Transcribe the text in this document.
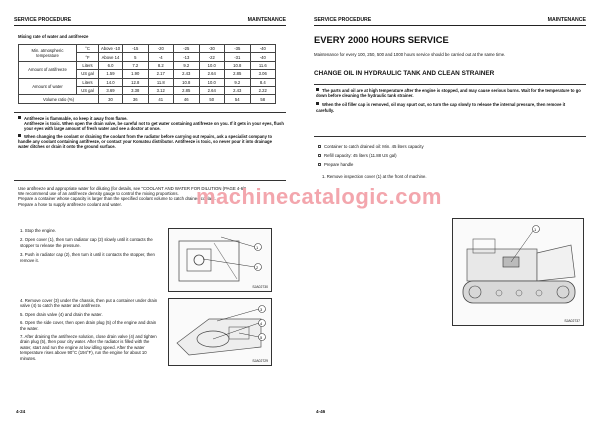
SERVICE PROCEDURE	MAINTENANCE
Mixing rate of water and antifreeze
Min. atmospheric temperature	°C	Above -10	-15	-20	-25	-30	-35	-40
	°F	Above 14	5	-4	-13	-22	-31	-40
Amount of antifreeze	Liters	6.0	7.2	8.2	9.2	10.0	10.8	11.6
	US gal	1.59	1.90	2.17	2.43	2.64	2.85	3.06
Amount of water	Liters	14.0	12.8	11.8	10.8	10.0	9.2	8.4
	US gal	3.69	3.38	3.12	2.85	2.64	2.43	2.22
Volume ratio (%)		30	36	41	46	50	54	58
Antifreeze is flammable, so keep it away from flame.
Antifreeze is toxic. When open the drain valve, be careful not to get water containing antifreeze on you. If it gets in your eyes, flush your eyes with large amount of fresh water and see a doctor at once.
When changing the coolant or draining the coolant from the radiator before carrying out repairs, ask a specialist company to handle any coolant containing antifreeze, or contact your Komatsu distributor. Antifreeze is toxic, so never pour it into drainage water ditches or drain it onto the ground surface.
Use antifreeze and appropriate water for diluting (for details, see "COOLANT AND WATER FOR DILUTION (PAGE 4-6)"
We recommend use of an antifreeze density gauge to control the mixing proportions.
Prepare a container whose capacity is larger than the specified coolant volume to catch drained coolant.
Prepare a hose to supply antifreeze coolant and water.
1. Stop the engine.
2. Open cover (1), then turn radiator cap (2) slowly until it contacts the stopper to release the pressure.
3. Push in radiator cap (2), then turn it until it contacts the stopper, then remove it.
1
2
SJA02730
4. Remove cover (3) under the chassis, then put a container under drain valve (4) to catch the water and antifreeze.
5. Open drain valve (4) and drain the water.
6. Open the side cover, then open drain plug (5) of the engine and drain the water.
7. After draining the antifreeze solution, close drain valve (4) and tighten drain plug (5), then pour city water. After the radiator is filled with the water, start and run the engine at low idling speed. After the water temperature rises above 90°C (194°F), run the engine for about 10 minutes.
3
4
5
SJA02729
4-24
SERVICE PROCEDURE	MAINTENANCE
4-46
EVERY 2000 HOURS SERVICE
Maintenance for every 100, 250, 500 and 1000 hours service should be carried out at the same time.
CHANGE OIL IN HYDRAULIC TANK AND CLEAN STRAINER
The parts and oil are at high temperature after the engine is stopped, and may cause serious burns. Wait for the temperature to go down before cleaning the hydraulic tank strainer.
When the oil filler cap is removed, oil may spurt out, so turn the cap slowly to release the internal pressure, then remove it carefully.
Container to catch drained oil: Min. 45 liters capacity
Refill capacity: 45 liters (11.88 US gal)
Prepare handle
1. Remove inspection cover (1) at the front of machine.
1
SJA02737
machinecatalogic.com
